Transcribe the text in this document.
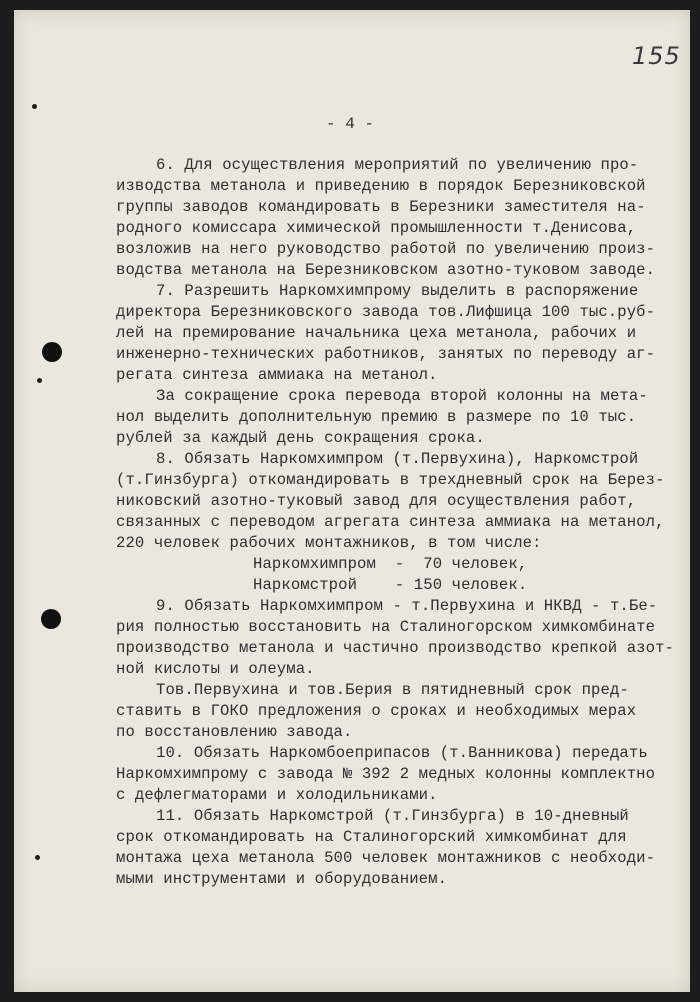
155
- 4 -
6. Для осуществления мероприятий по увеличению про-
изводства метанола и приведению в порядок Березниковской
группы заводов командировать в Березники заместителя на-
родного комиссара химической промышленности т.Денисова,
возложив на него руководство работой по увеличению произ-
водства метанола на Березниковском азотно-туковом заводе.
7. Разрешить Наркомхимпрому выделить в распоряжение
директора Березниковского завода тов.Лифшица 100 тыс.руб-
лей на премирование начальника цеха метанола, рабочих и
инженерно-технических работников, занятых по переводу аг-
регата синтеза аммиака на метанол.
За сокращение срока перевода второй колонны на мета-
нол выделить дополнительную премию в размере по 10 тыс.
рублей за каждый день сокращения срока.
8. Обязать Наркомхимпром (т.Первухина), Наркомстрой
(т.Гинзбурга) откомандировать в трехдневный срок на Берез-
никовский азотно-туковый завод для осуществления работ,
связанных с переводом агрегата синтеза аммиака на метанол,
220 человек рабочих монтажников, в том числе:
Наркомхимпром  -  70 человек,
Наркомстрой    - 150 человек.
9. Обязать Наркомхимпром - т.Первухина и НКВД - т.Бе-
рия полностью восстановить на Сталиногорском химкомбинате
производство метанола и частично производство крепкой азот-
ной кислоты и олеума.
Тов.Первухина и тов.Берия в пятидневный срок пред-
ставить в ГОКО предложения о сроках и необходимых мерах
по восстановлению завода.
10. Обязать Наркомбоеприпасов (т.Ванникова) передать
Наркомхимпрому с завода № 392 2 медных колонны комплектно
с дефлегматорами и холодильниками.
11. Обязать Наркомстрой (т.Гинзбурга) в 10-дневный
срок откомандировать на Сталиногорский химкомбинат для
монтажа цеха метанола 500 человек монтажников с необходи-
мыми инструментами и оборудованием.
